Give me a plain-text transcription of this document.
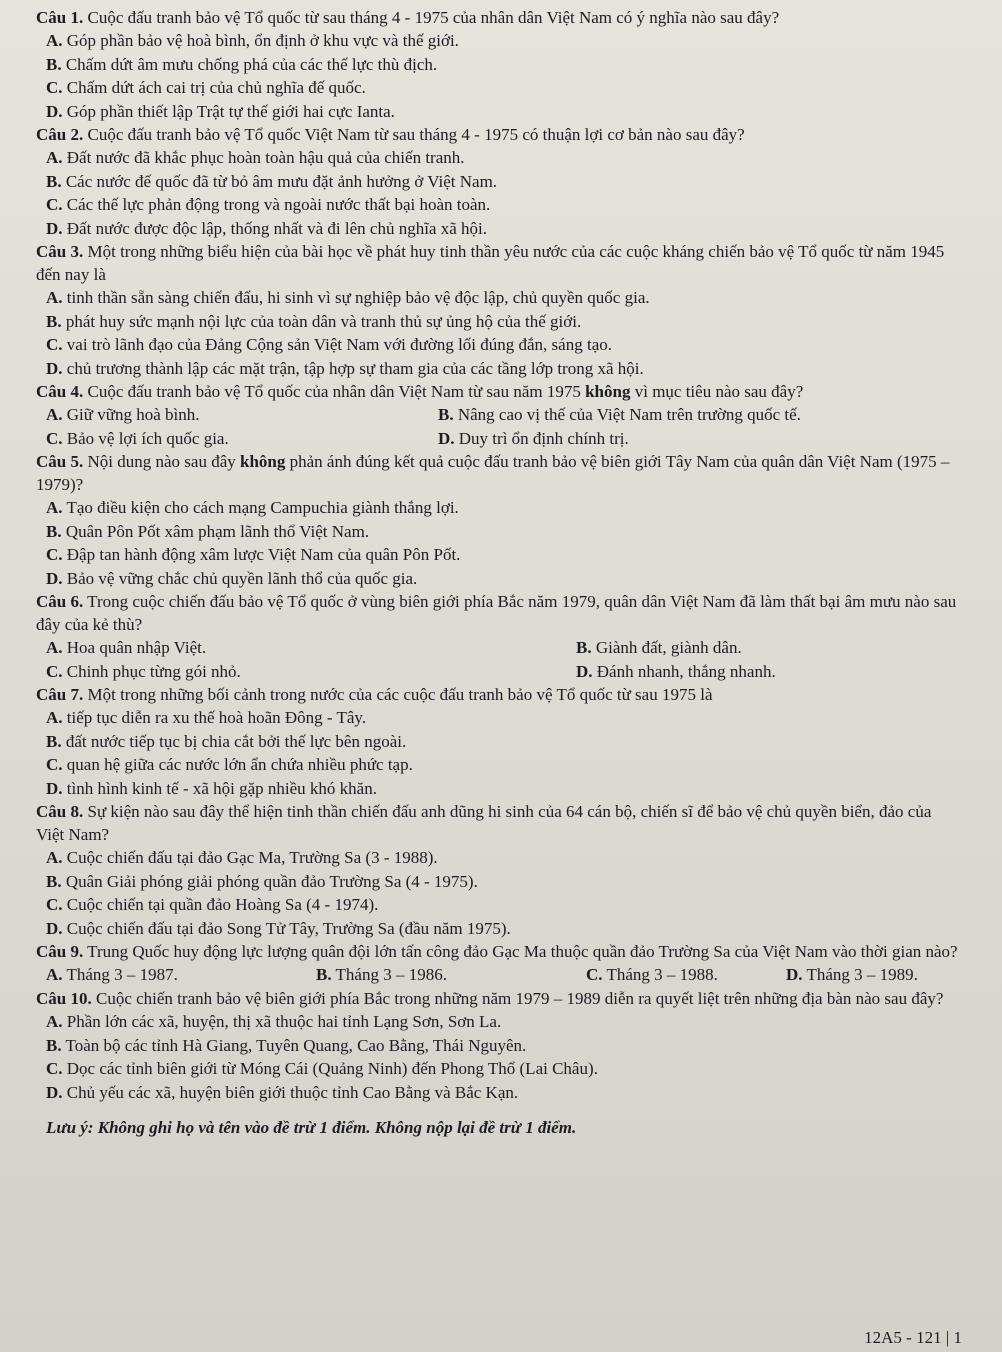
Câu 1. Cuộc đấu tranh bảo vệ Tổ quốc từ sau tháng 4 - 1975 của nhân dân Việt Nam có ý nghĩa nào sau đây?

A. Góp phần bảo vệ hoà bình, ổn định ở khu vực và thế giới.
B. Chấm dứt âm mưu chống phá của các thế lực thù địch.
C. Chấm dứt ách cai trị của chủ nghĩa đế quốc.
D. Góp phần thiết lập Trật tự thế giới hai cực Ianta.

Câu 2. Cuộc đấu tranh bảo vệ Tổ quốc Việt Nam từ sau tháng 4 - 1975 có thuận lợi cơ bản nào sau đây?

A. Đất nước đã khắc phục hoàn toàn hậu quả của chiến tranh.
B. Các nước đế quốc đã từ bỏ âm mưu đặt ảnh hưởng ở Việt Nam.
C. Các thế lực phản động trong và ngoài nước thất bại hoàn toàn.
D. Đất nước được độc lập, thống nhất và đi lên chủ nghĩa xã hội.

Câu 3. Một trong những biểu hiện của bài học về phát huy tinh thần yêu nước của các cuộc kháng chiến bảo vệ Tổ quốc từ năm 1945 đến nay là

A. tinh thần sẵn sàng chiến đấu, hi sinh vì sự nghiệp bảo vệ độc lập, chủ quyền quốc gia.
B. phát huy sức mạnh nội lực của toàn dân và tranh thủ sự ủng hộ của thế giới.
C. vai trò lãnh đạo của Đảng Cộng sản Việt Nam với đường lối đúng đắn, sáng tạo.
D. chủ trương thành lập các mặt trận, tập hợp sự tham gia của các tầng lớp trong xã hội.

Câu 4. Cuộc đấu tranh bảo vệ Tổ quốc của nhân dân Việt Nam từ sau năm 1975 không vì mục tiêu nào sau đây?

A. Giữ vững hoà bình.	B. Nâng cao vị thế của Việt Nam trên trường quốc tế.
C. Bảo vệ lợi ích quốc gia.	D. Duy trì ổn định chính trị.

Câu 5. Nội dung nào sau đây không phản ánh đúng kết quả cuộc đấu tranh bảo vệ biên giới Tây Nam của quân dân Việt Nam (1975 – 1979)?

A. Tạo điều kiện cho cách mạng Campuchia giành thắng lợi.
B. Quân Pôn Pốt xâm phạm lãnh thổ Việt Nam.
C. Đập tan hành động xâm lược Việt Nam của quân Pôn Pốt.
D. Bảo vệ vững chắc chủ quyền lãnh thổ của quốc gia.

Câu 6. Trong cuộc chiến đấu bảo vệ Tổ quốc ở vùng biên giới phía Bắc năm 1979, quân dân Việt Nam đã làm thất bại âm mưu nào sau đây của kẻ thù?

A. Hoa quân nhập Việt.	B. Giành đất, giành dân.
C. Chinh phục từng gói nhỏ.	D. Đánh nhanh, thắng nhanh.

Câu 7. Một trong những bối cảnh trong nước của các cuộc đấu tranh bảo vệ Tổ quốc từ sau 1975 là

A. tiếp tục diễn ra xu thế hoà hoãn Đông - Tây.
B. đất nước tiếp tục bị chia cắt bởi thế lực bên ngoài.
C. quan hệ giữa các nước lớn ẩn chứa nhiều phức tạp.
D. tình hình kinh tế - xã hội gặp nhiều khó khăn.

Câu 8. Sự kiện nào sau đây thể hiện tinh thần chiến đấu anh dũng hi sinh của 64 cán bộ, chiến sĩ để bảo vệ chủ quyền biển, đảo của Việt Nam?

A. Cuộc chiến đấu tại đảo Gạc Ma, Trường Sa (3 - 1988).
B. Quân Giải phóng giải phóng quần đảo Trường Sa (4 - 1975).
C. Cuộc chiến tại quần đảo Hoàng Sa (4 - 1974).
D. Cuộc chiến đấu tại đảo Song Tử Tây, Trường Sa (đầu năm 1975).

Câu 9. Trung Quốc huy động lực lượng quân đội lớn tấn công đảo Gạc Ma thuộc quần đảo Trường Sa của Việt Nam vào thời gian nào?

A. Tháng 3 – 1987.	B. Tháng 3 – 1986.	C. Tháng 3 – 1988.	D. Tháng 3 – 1989.

Câu 10. Cuộc chiến tranh bảo vệ biên giới phía Bắc trong những năm 1979 – 1989 diễn ra quyết liệt trên những địa bàn nào sau đây?

A. Phần lớn các xã, huyện, thị xã thuộc hai tỉnh Lạng Sơn, Sơn La.
B. Toàn bộ các tỉnh Hà Giang, Tuyên Quang, Cao Bằng, Thái Nguyên.
C. Dọc các tỉnh biên giới từ Móng Cái (Quảng Ninh) đến Phong Thổ (Lai Châu).
D. Chủ yếu các xã, huyện biên giới thuộc tỉnh Cao Bằng và Bắc Kạn.
Lưu ý: Không ghi họ và tên vào đề trừ 1 điểm. Không nộp lại đề trừ 1 điểm.
12A5 - 121 | 1
